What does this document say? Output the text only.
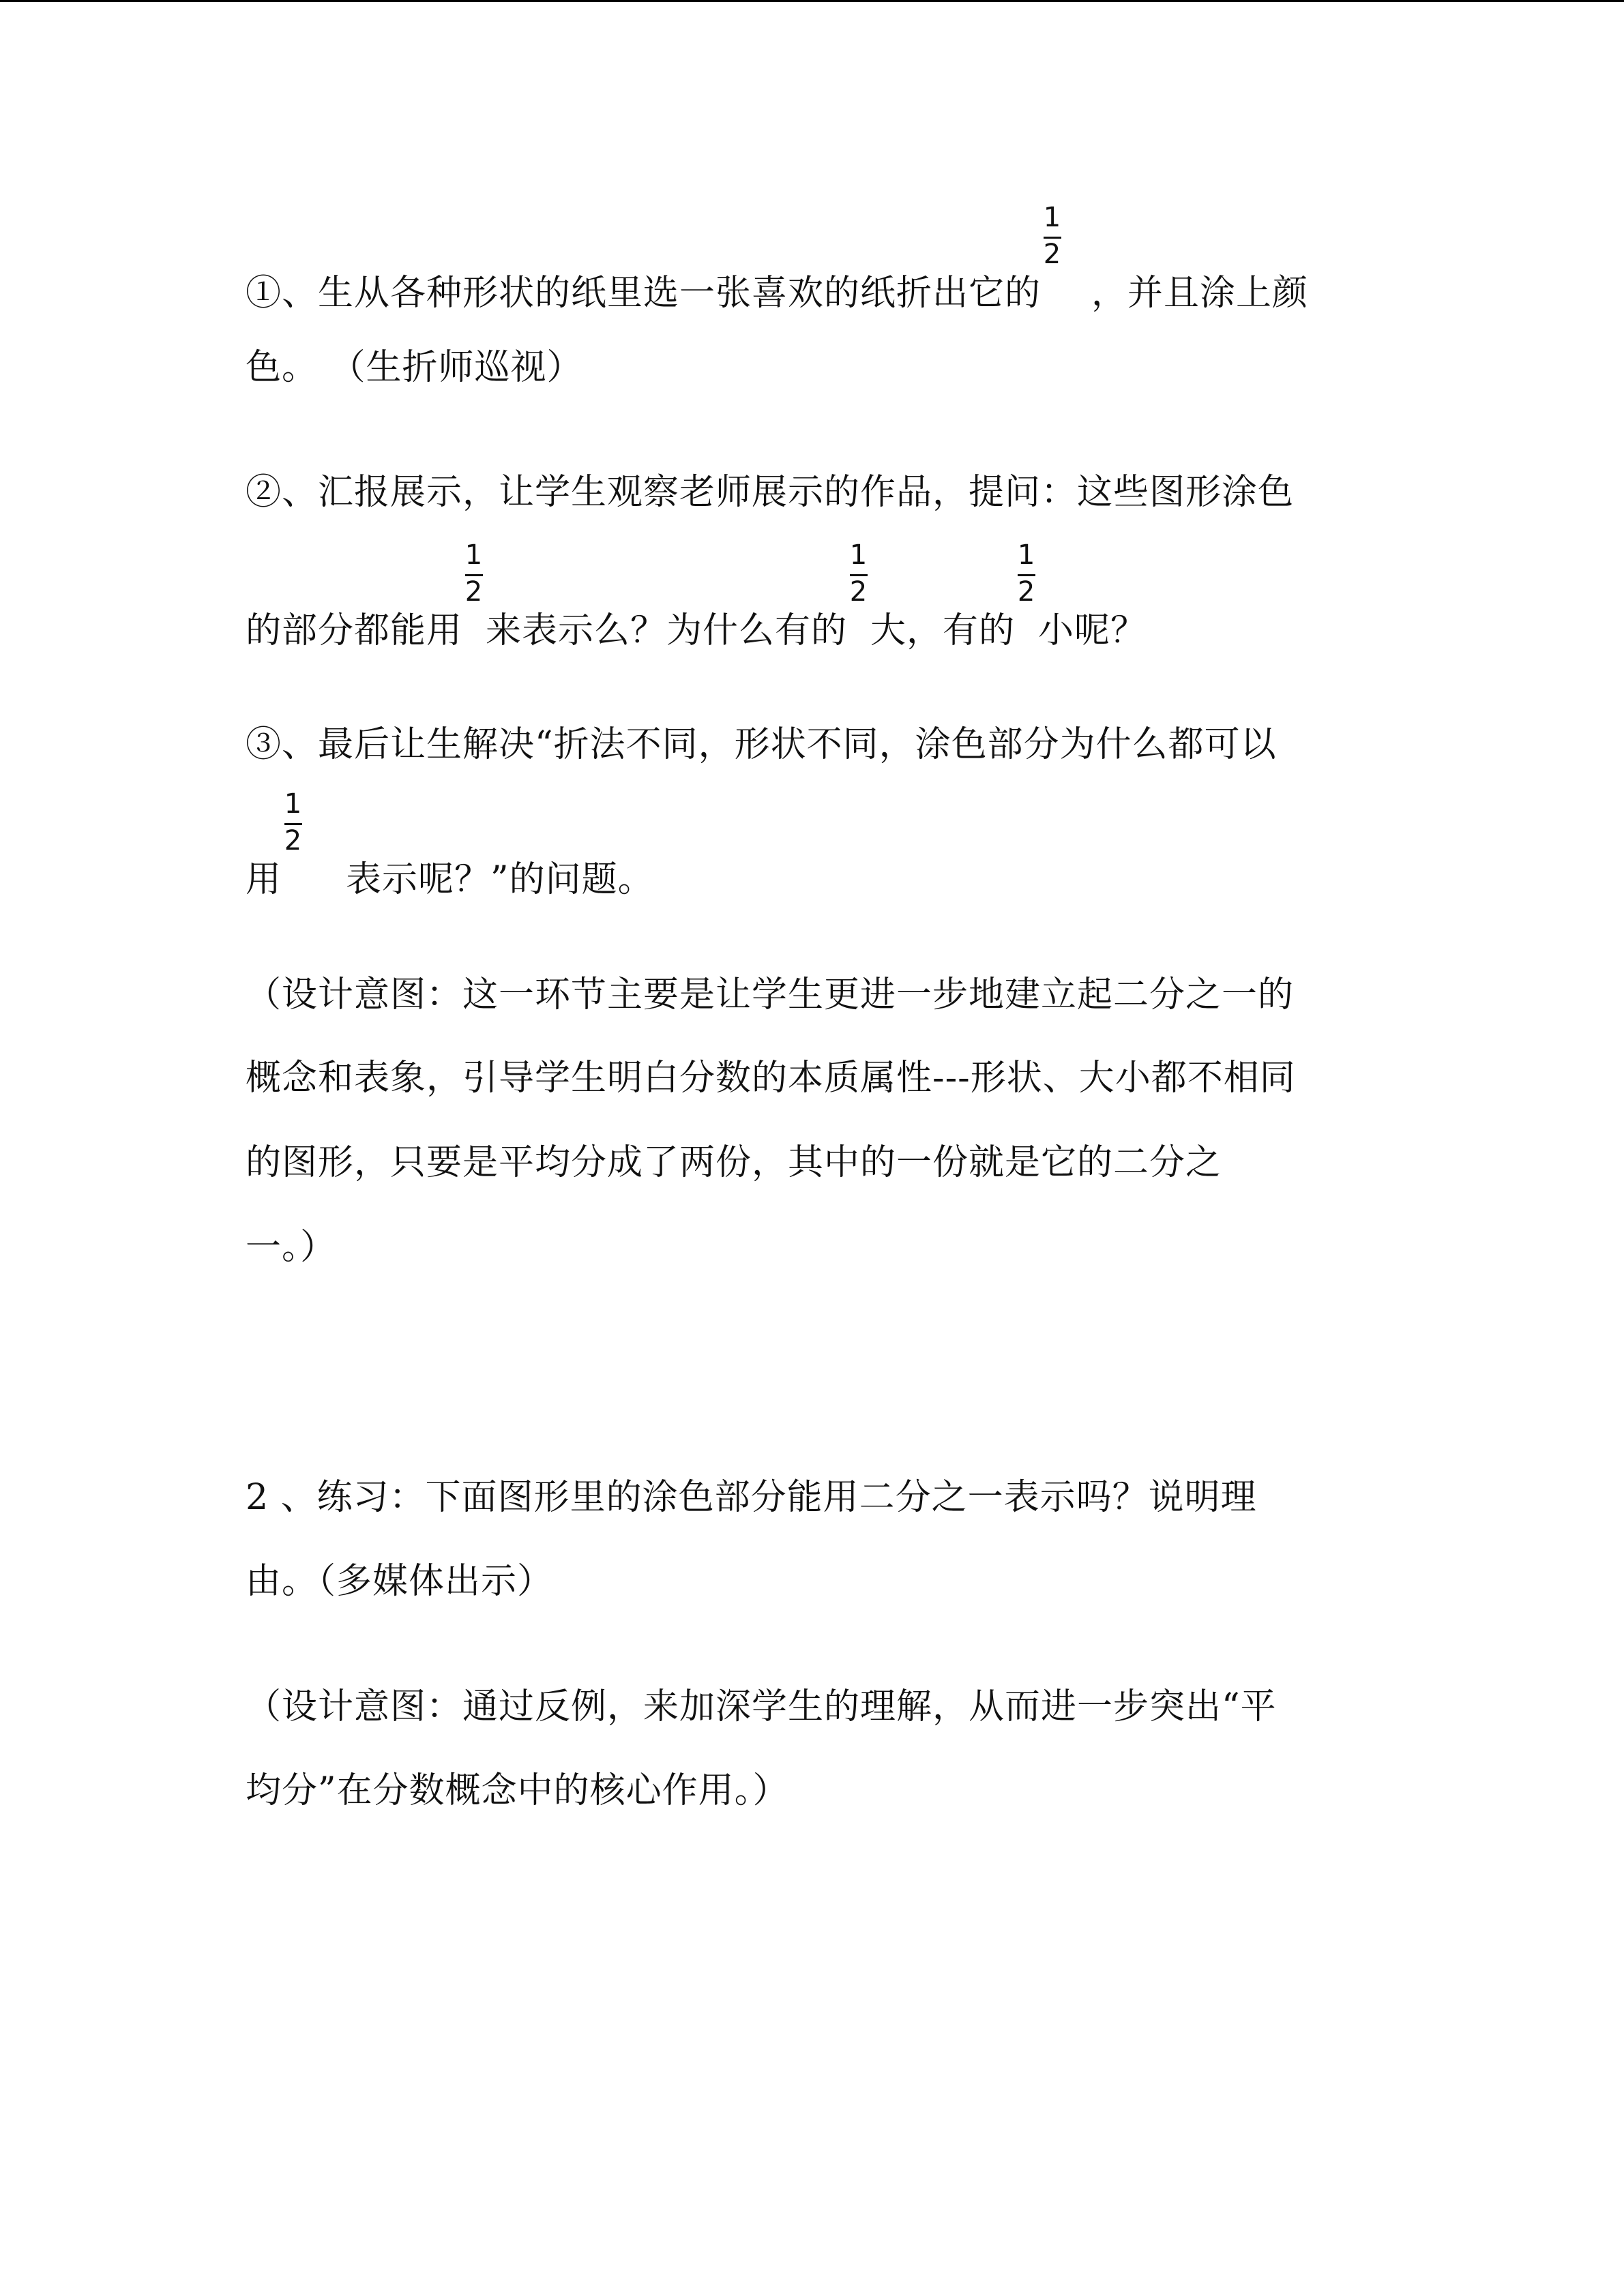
①、生从各种形状的纸里选一张喜欢的纸折出它的 $\frac{1}{2}$ ，并且涂上颜
色。 （生折师巡视）
②、汇报展示，让学生观察老师展示的作品，提问：这些图形涂色
的部分都能用 $\frac{1}{2}$ 来表示么？为什么有的 $\frac{1}{2}$ 大，有的 $\frac{1}{2}$ 小呢？
③、最后让生解决“折法不同，形状不同，涂色部分为什么都可以
用 $\frac{1}{2}$ 表示呢？”的问题。
（设计意图：这一环节主要是让学生更进一步地建立起二分之一的
概念和表象，引导学生明白分数的本质属性---形状、大小都不相同
的图形，只要是平均分成了两份，其中的一份就是它的二分之
一。）
2 、练习：下面图形里的涂色部分能用二分之一表示吗？说明理
由。（多媒体出示）
（设计意图：通过反例，来加深学生的理解，从而进一步突出“平
均分”在分数概念中的核心作用。）
